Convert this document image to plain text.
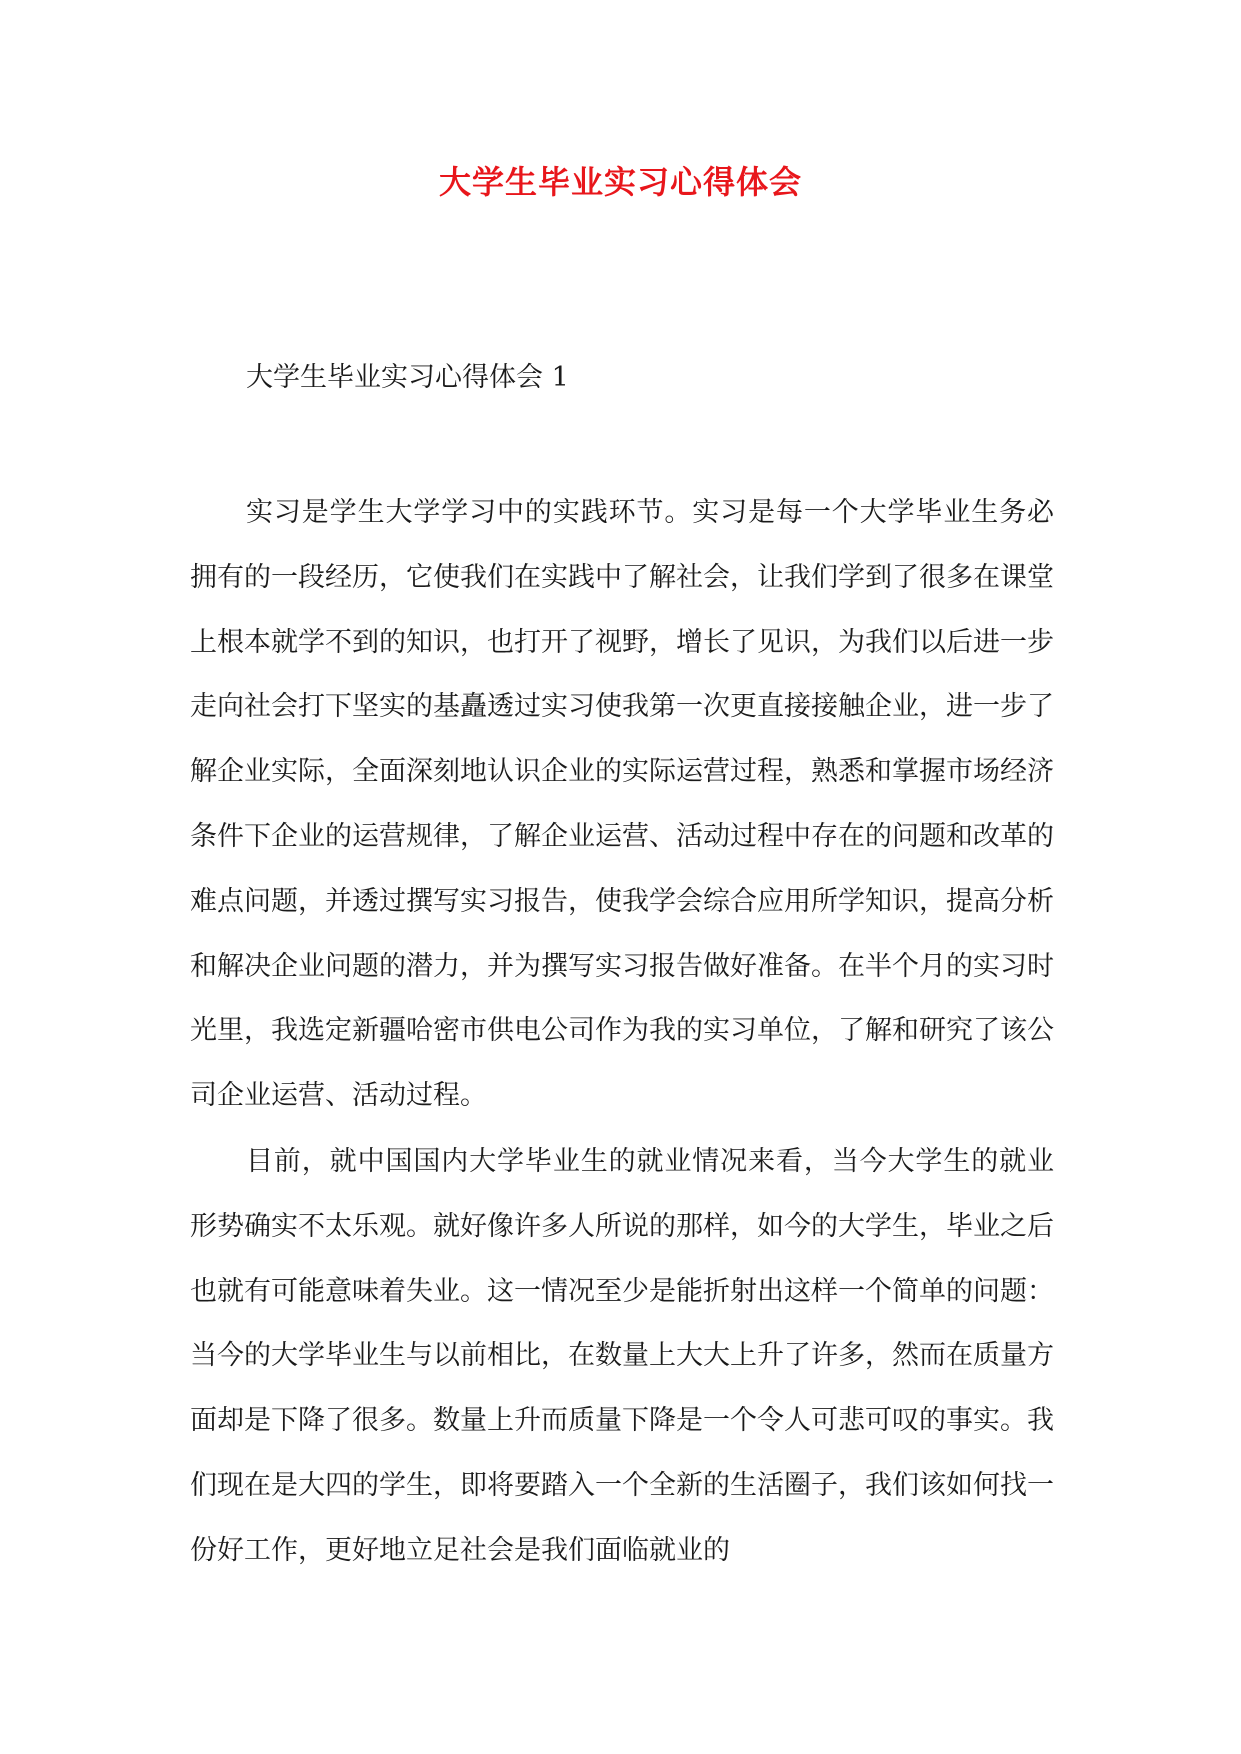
大学生毕业实习心得体会
大学生毕业实习心得体会 1

实习是学生大学学习中的实践环节。实习是每一个大学毕业生务必拥有的一段经历，它使我们在实践中了解社会，让我们学到了很多在课堂上根本就学不到的知识，也打开了视野，增长了见识，为我们以后进一步走向社会打下坚实的基矗透过实习使我第一次更直接接触企业，进一步了解企业实际，全面深刻地认识企业的实际运营过程，熟悉和掌握市场经济条件下企业的运营规律，了解企业运营、活动过程中存在的问题和改革的难点问题，并透过撰写实习报告，使我学会综合应用所学知识，提高分析和解决企业问题的潜力，并为撰写实习报告做好准备。在半个月的实习时光里，我选定新疆哈密市供电公司作为我的实习单位，了解和研究了该公司企业运营、活动过程。

目前，就中国国内大学毕业生的就业情况来看，当今大学生的就业形势确实不太乐观。就好像许多人所说的那样，如今的大学生，毕业之后也就有可能意味着失业。这一情况至少是能折射出这样一个简单的问题：当今的大学毕业生与以前相比，在数量上大大上升了许多，然而在质量方面却是下降了很多。数量上升而质量下降是一个令人可悲可叹的事实。我们现在是大四的学生，即将要踏入一个全新的生活圈子，我们该如何找一份好工作，更好地立足社会是我们面临就业的
